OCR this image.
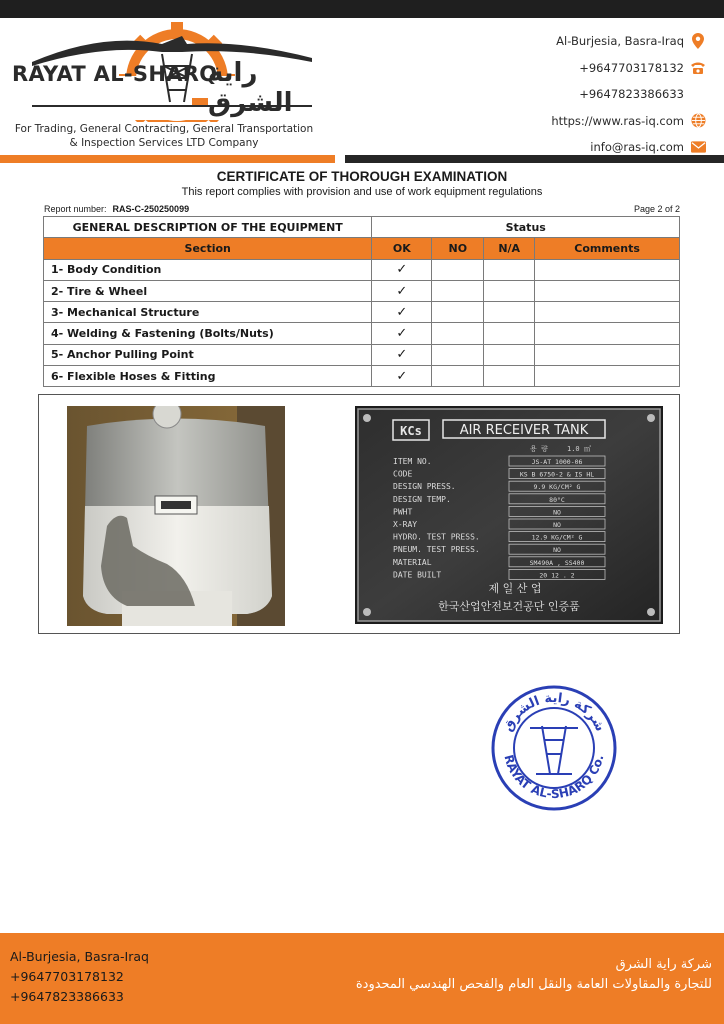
RAYAT AL-SHARQ
راية الشرق
For Trading, General Contracting, General Transportation
& Inspection Services LTD Company
Al-Burjesia, Basra-Iraq
+9647703178132
+9647823386633
https://www.ras-iq.com
info@ras-iq.com
CERTIFICATE OF THOROUGH EXAMINATION
This report complies with provision and use of work equipment regulations
Report number: RAS-C-250250099	Page 2 of 2
GENERAL DESCRIPTION OF THE EQUIPMENT	Status			
Section	OK	NO	N/A	Comments
1- Body Condition	✓			
2- Tire & Wheel	✓			
3- Mechanical Structure	✓			
4- Welding & Fastening (Bolts/Nuts)	✓			
5- Anchor Pulling Point	✓			
6- Flexible Hoses & Fitting	✓			
KCs	AIR RECEIVER TANK
용 량	1.0 ㎥
ITEM NO.	JS-AT 1000-06
CODE	KS B 6750-2 & IS HL
DESIGN PRESS.	9.9 KG/CM² G
DESIGN TEMP.	80°C
PWHT	NO
X-RAY	NO
HYDRO. TEST PRESS.	12.9 KG/CM² G
PNEUM. TEST PRESS.	NO
MATERIAL	SM490A , SS400
DATE BUILT	20 12 . 2
제 일 산 업
한국산업안전보건공단 인증품
شركة راية الشرق
RAYAT AL-SHARQ Co.
Al-Burjesia, Basra-Iraq
+9647703178132
+9647823386633
شركة راية الشرق
للتجارة والمقاولات العامة والنقل العام والفحص الهندسي المحدودة
